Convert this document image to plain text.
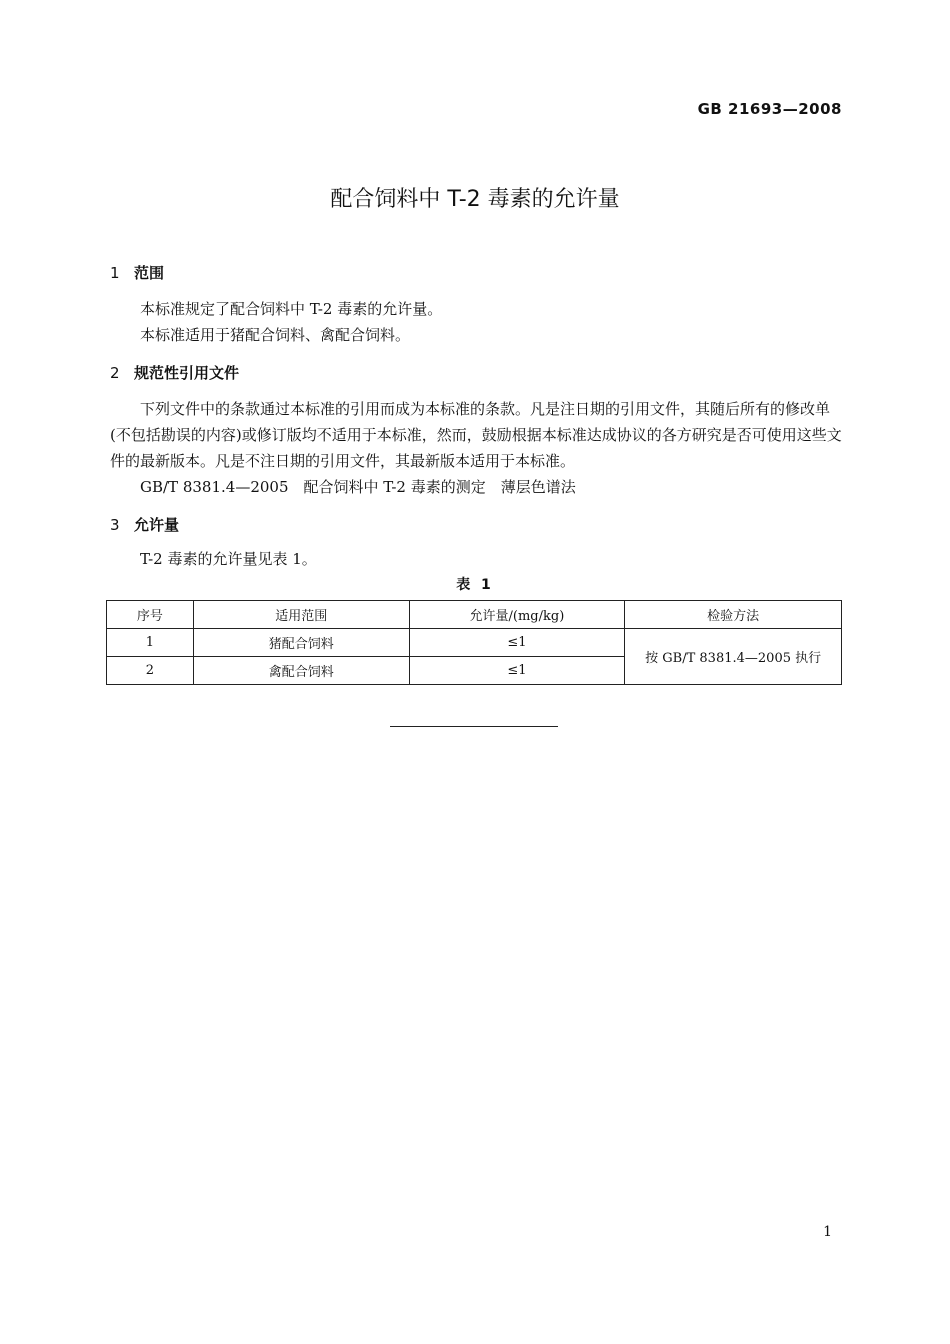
GB 21693—2008
配合饲料中 T-2 毒素的允许量
1 范围
本标准规定了配合饲料中 T-2 毒素的允许量。
本标准适用于猪配合饲料、禽配合饲料。
2 规范性引用文件
下列文件中的条款通过本标准的引用而成为本标准的条款。凡是注日期的引用文件，其随后所有的修改单(不包括勘误的内容)或修订版均不适用于本标准，然而，鼓励根据本标准达成协议的各方研究是否可使用这些文件的最新版本。凡是不注日期的引用文件，其最新版本适用于本标准。
GB/T 8381.4—2005　配合饲料中 T-2 毒素的测定　薄层色谱法
3 允许量
T-2 毒素的允许量见表 1。
表 1
序号	适用范围	允许量/(mg/kg)	检验方法
1	猪配合饲料	≤1	按 GB/T 8381.4—2005 执行
2	禽配合饲料	≤1	
1
